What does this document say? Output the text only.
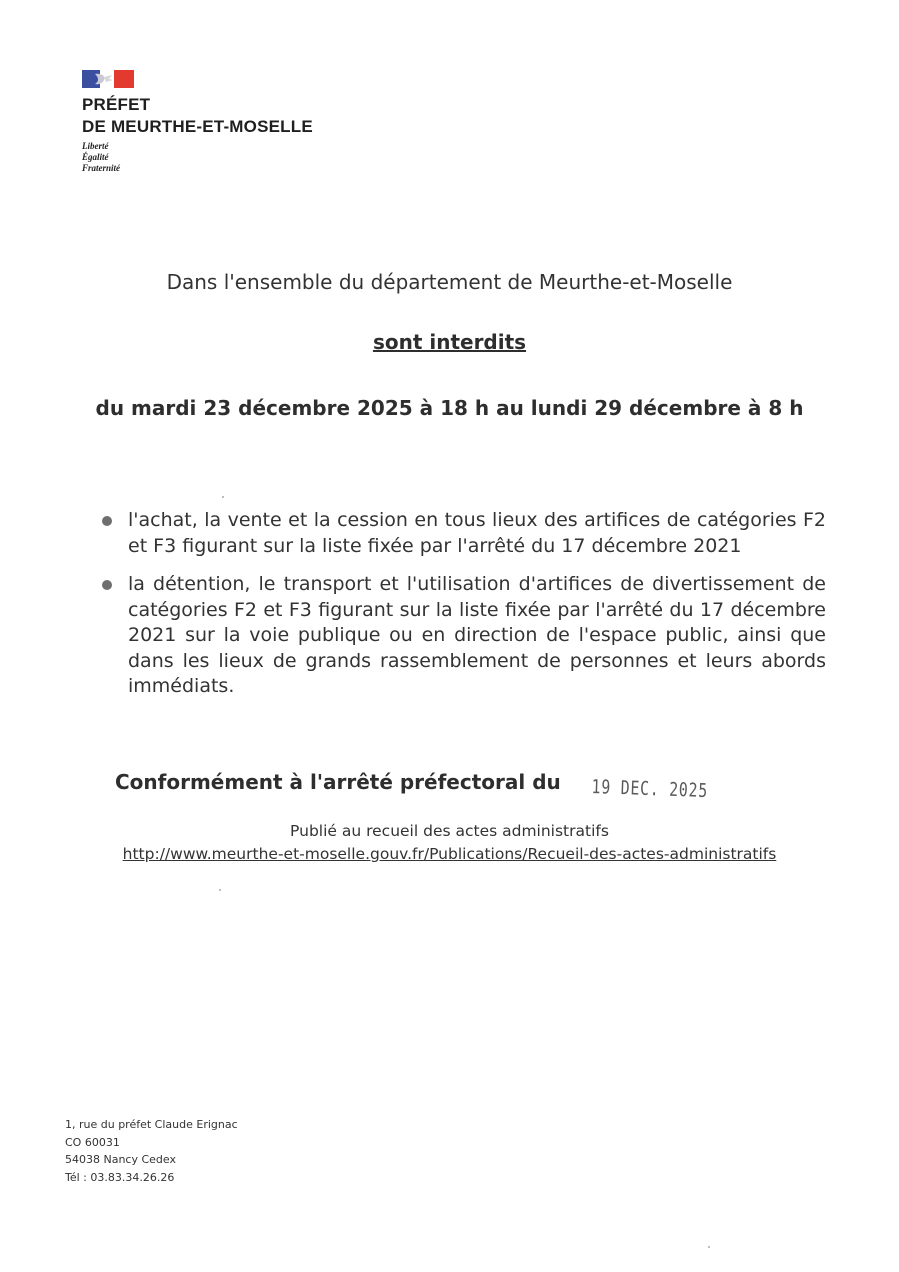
PRÉFET
DE MEURTHE-ET-MOSELLE
Liberté
Égalité
Fraternité
Dans l'ensemble du département de Meurthe-et-Moselle
sont interdits
du mardi 23 décembre 2025 à 18 h au lundi 29 décembre à 8 h
l'achat, la vente et la cession en tous lieux des artifices de catégories F2 et F3 figurant sur la liste fixée par l'arrêté du 17 décembre 2021
la détention, le transport et l'utilisation d'artifices de divertissement de catégories F2 et F3 figurant sur la liste fixée par l'arrêté du 17 décembre 2021 sur la voie publique ou en direction de l'espace public, ainsi que dans les lieux de grands rassemblement de personnes et leurs abords immédiats.
Conformément à l'arrêté préfectoral du 19 DEC. 2025
Publié au recueil des actes administratifs
http://www.meurthe-et-moselle.gouv.fr/Publications/Recueil-des-actes-administratifs
1, rue du préfet Claude Erignac
CO 60031
54038 Nancy Cedex
Tél : 03.83.34.26.26
